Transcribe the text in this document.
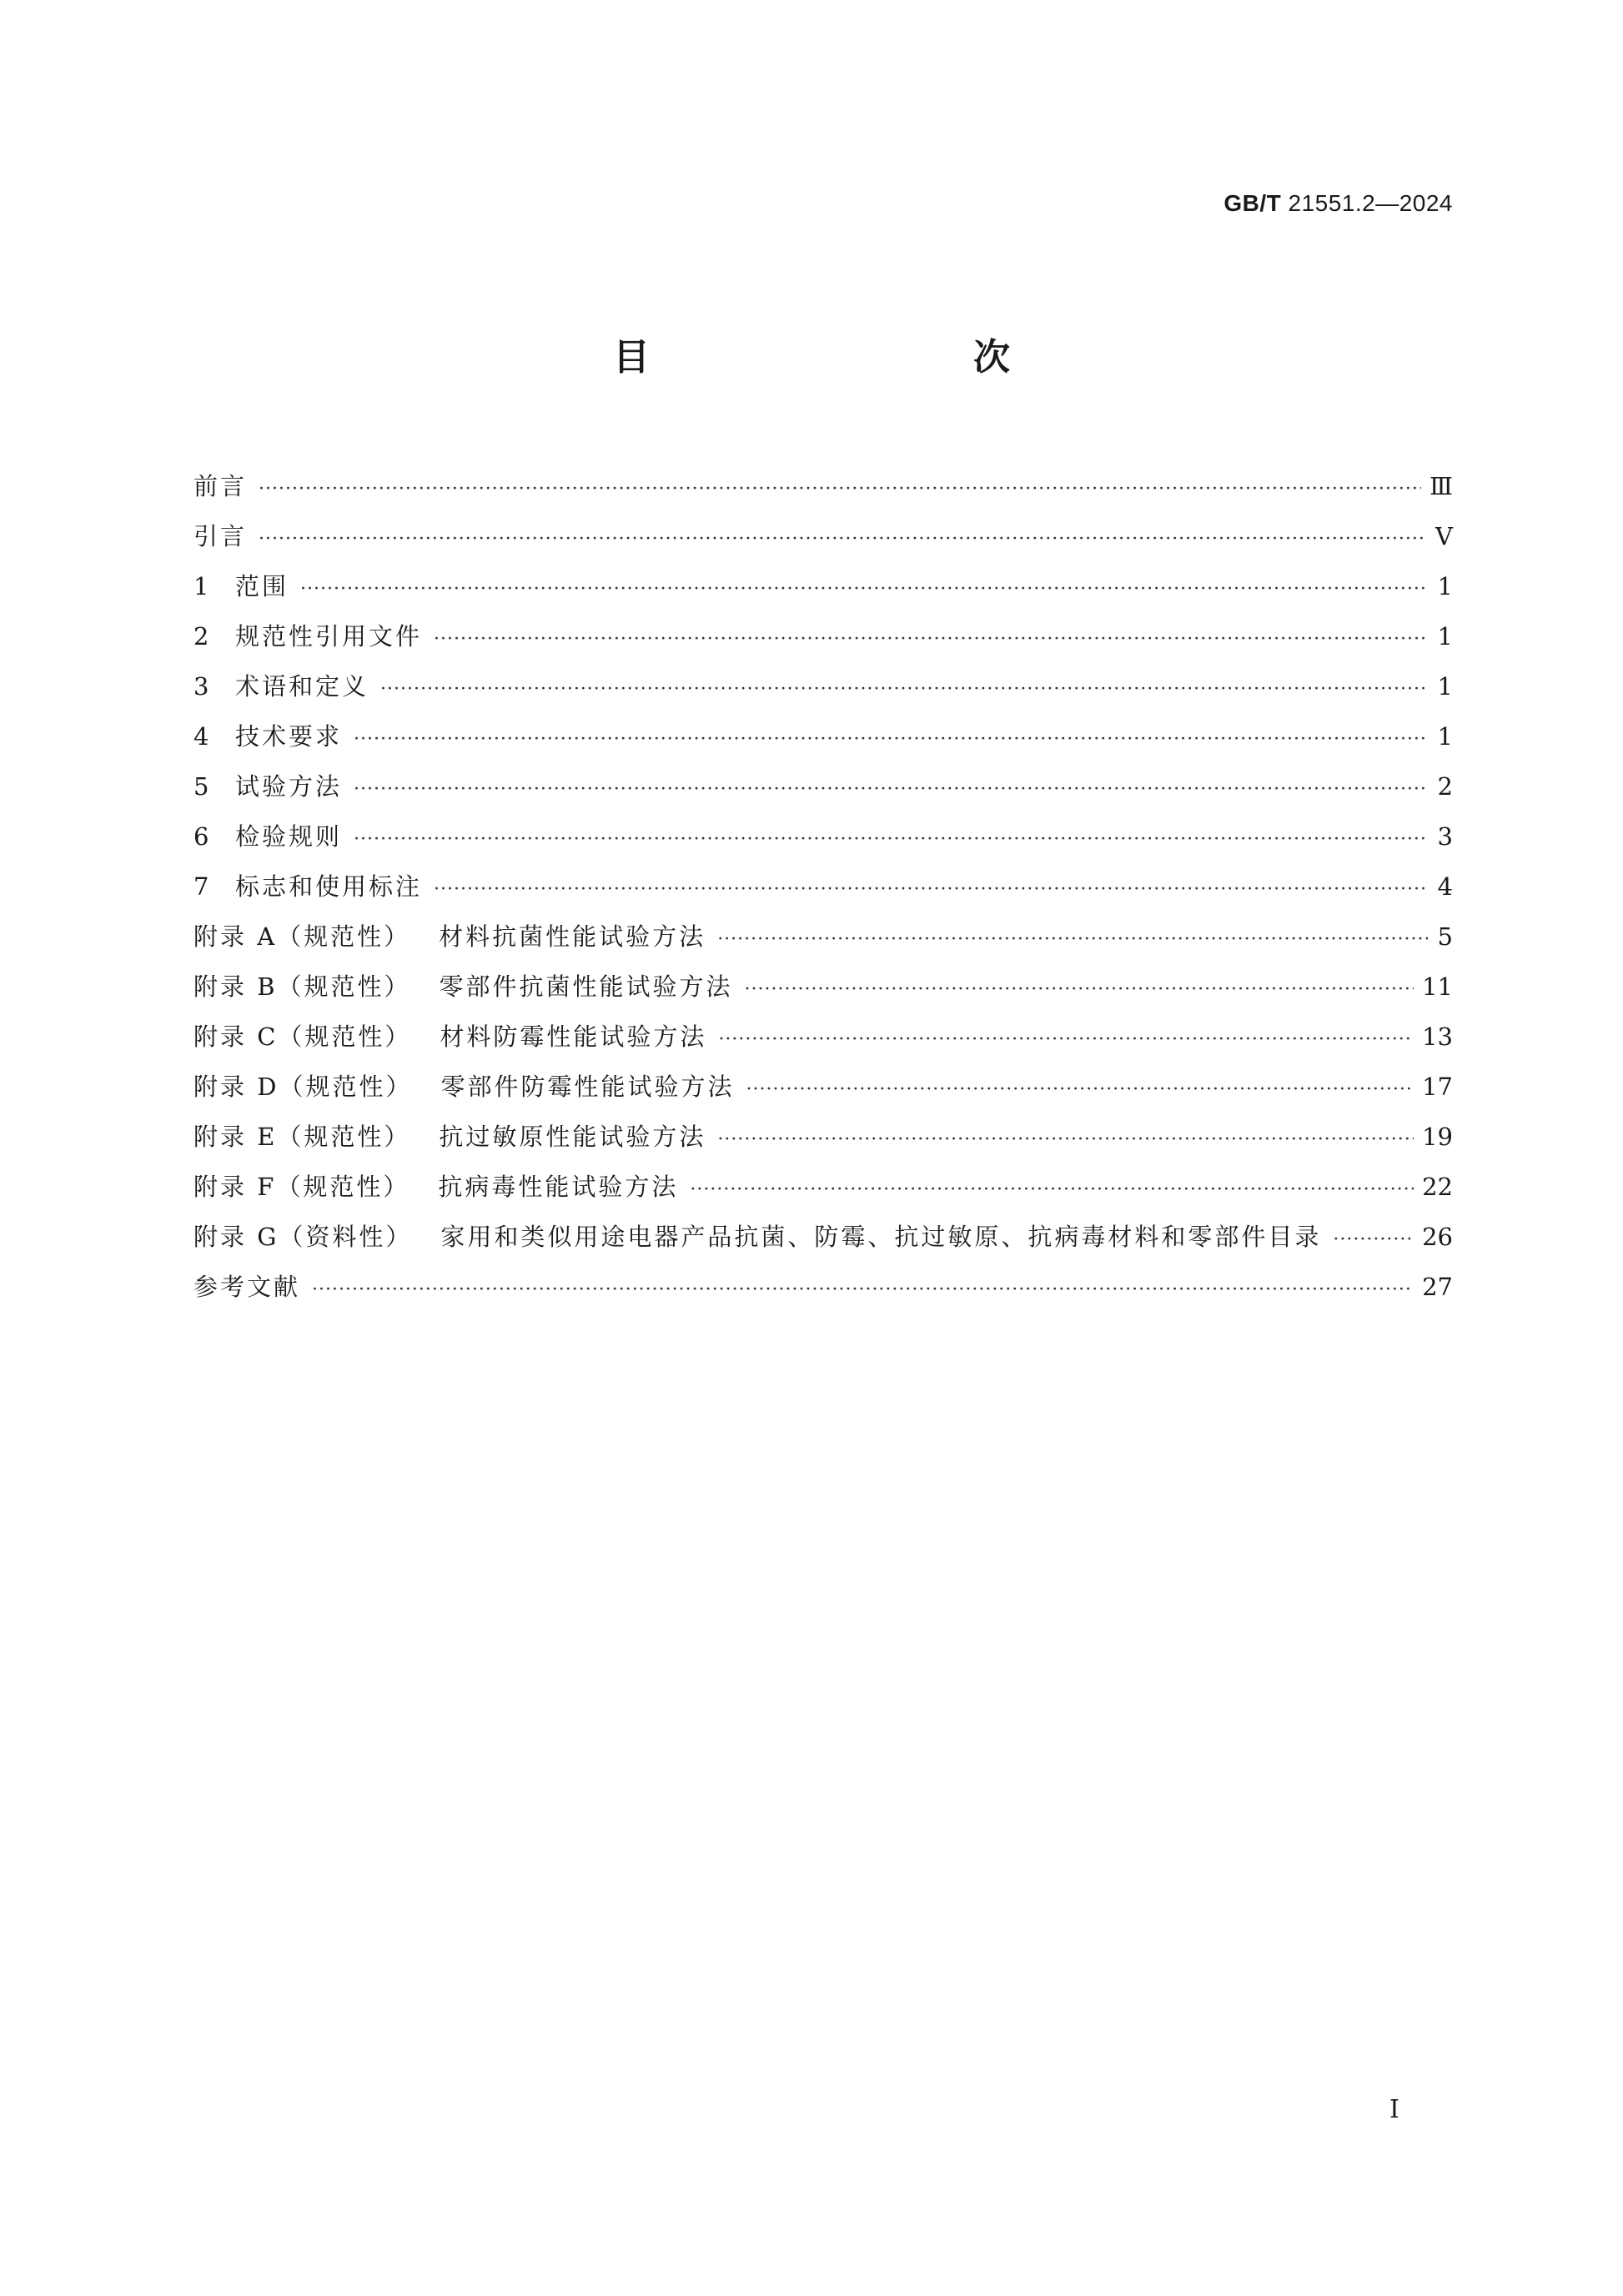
GB/T 21551.2—2024
目　　次
前言 ·····	Ⅲ
引言 ·····	Ⅴ
1 范围 ·····	1
2 规范性引用文件 ·····	1
3 术语和定义 ·····	1
4 技术要求 ·····	1
5 试验方法 ·····	2
6 检验规则 ·····	3
7 标志和使用标注 ·····	4
附录 A（规范性） 材料抗菌性能试验方法 ·····	5
附录 B（规范性） 零部件抗菌性能试验方法 ·····	11
附录 C（规范性） 材料防霉性能试验方法 ·····	13
附录 D（规范性） 零部件防霉性能试验方法 ·····	17
附录 E（规范性） 抗过敏原性能试验方法 ·····	19
附录 F（规范性） 抗病毒性能试验方法 ·····	22
附录 G（资料性） 家用和类似用途电器产品抗菌、防霉、抗过敏原、抗病毒材料和零部件目录 ·····	26
参考文献 ·····	27
Ⅰ
